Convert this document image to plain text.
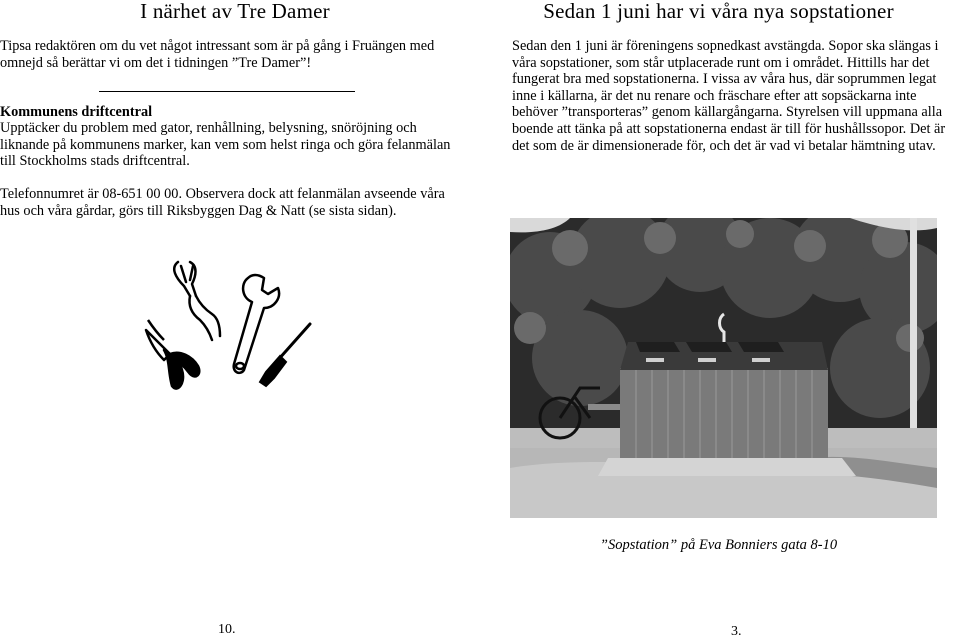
I närhet av Tre Damer

Tipsa redaktören om du vet något intressant som är på gång i Fruängen med omnejd så berättar vi om det i tidningen ”Tre Damer”!

Kommunens driftcentral

Upptäcker du problem med gator, renhållning, belysning, snöröjning och liknande på kommunens marker, kan vem som helst ringa och göra felanmälan till Stockholms stads driftcentral.

Telefonnumret är 08-651 00 00. Observera dock att felanmälan avseende våra hus och våra gårdar, görs till Riksbyggen Dag & Natt (se sista sidan).

10.
Sedan 1 juni har vi våra nya sopstationer

Sedan den 1 juni är föreningens sopnedkast avstängda. Sopor ska slängas i våra sopstationer, som står utplacerade runt om i området. Hittills har det fungerat bra med sopstationerna. I vissa av våra hus, där soprummen legat inne i källarna, är det nu renare och fräschare efter att sopsäckarna inte behöver ”transporteras” genom källargångarna. Styrelsen vill uppmana alla boende att tänka på att sopstationerna endast är till för hushållssopor. Det är det som de är dimensionerade för, och det är vad vi betalar hämtning utav.

”Sopstation” på Eva Bonniers gata 8-10
3.
